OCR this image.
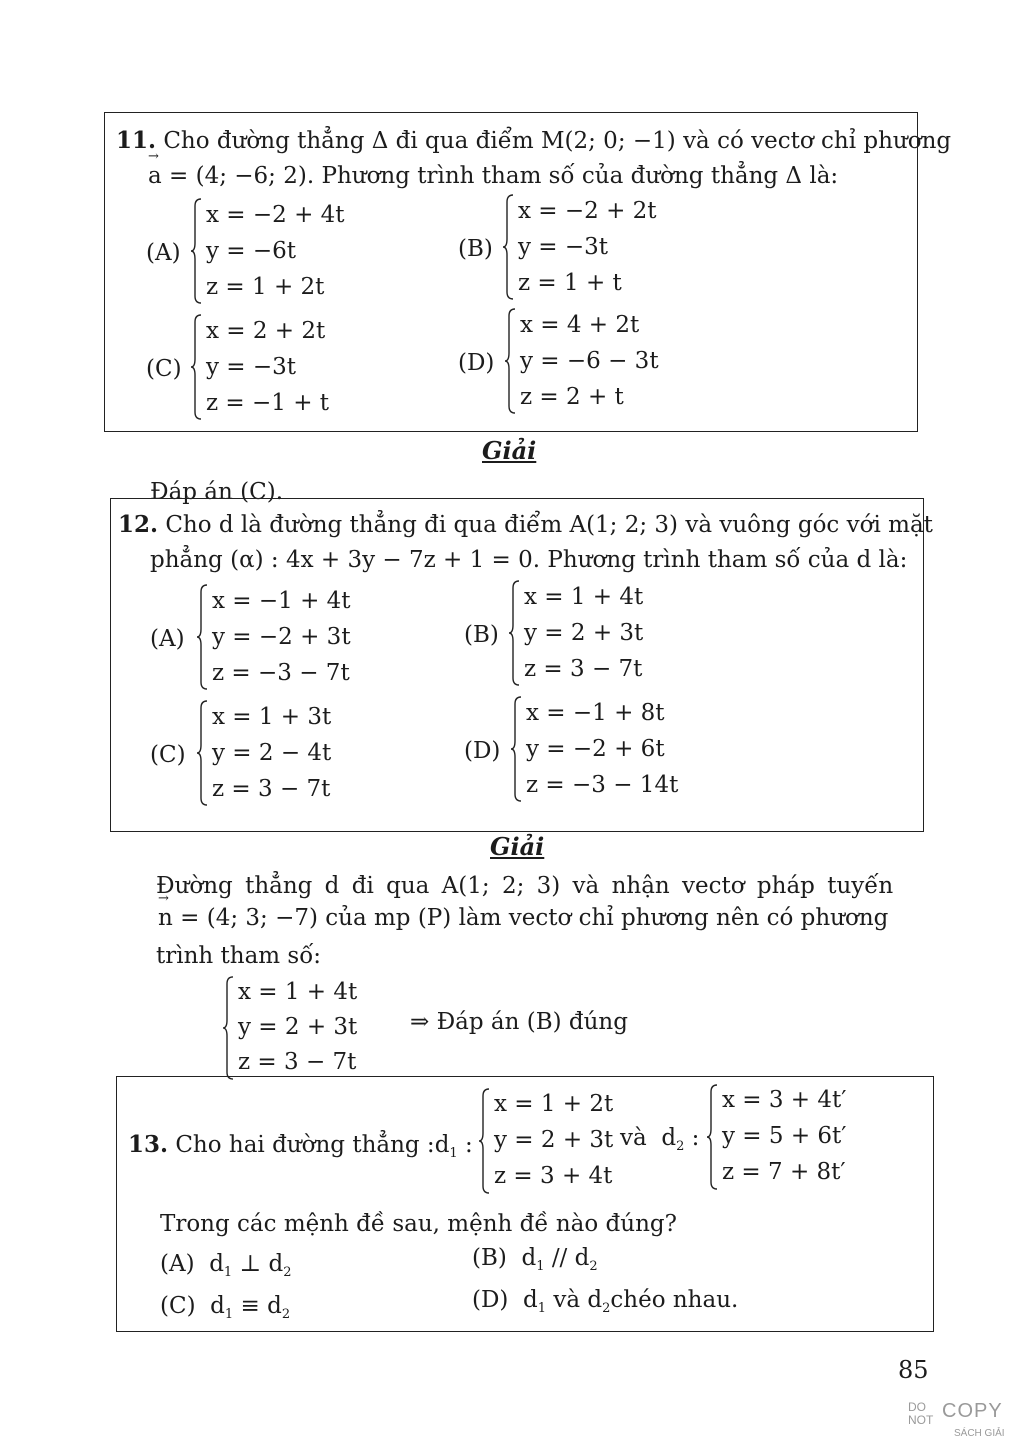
11. Cho đường thẳng Δ đi qua điểm M(2; 0; −1) và có vectơ chỉ phương
→ a = (4; −6; 2). Phương trình tham số của đường thẳng Δ là:
(A)
x = −2 + 4t
y = −6t
z = 1 + 2t
(B)
x = −2 + 2t
y = −3t
z = 1 + t
(C)
x = 2 + 2t
y = −3t
z = −1 + t
(D)
x = 4 + 2t
y = −6 − 3t
z = 2 + t
Giải
Đáp án (C).
12. Cho d là đường thẳng đi qua điểm A(1; 2; 3) và vuông góc với mặt
phẳng (α) : 4x + 3y − 7z + 1 = 0. Phương trình tham số của d là:
(A)
x = −1 + 4t
y = −2 + 3t
z = −3 − 7t
(B)
x = 1 + 4t
y = 2 + 3t
z = 3 − 7t
(C)
x = 1 + 3t
y = 2 − 4t
z = 3 − 7t
(D)
x = −1 + 8t
y = −2 + 6t
z = −3 − 14t
Giải
Đường thẳng d đi qua A(1; 2; 3) và nhận vectơ pháp tuyến
→ n = (4; 3; −7) của mp (P) làm vectơ chỉ phương nên có phương
trình tham số:
x = 1 + 4t
y = 2 + 3t
z = 3 − 7t
⇒ Đáp án (B) đúng
13. Cho hai đường thẳng $:d_1$ :
x = 1 + 2t
y = 2 + 3t
z = 3 + 4t
và $d_2$ :
x = 3 + 4t′
y = 5 + 6t′
z = 7 + 8t′
Trong các mệnh đề sau, mệnh đề nào đúng?
(A) $d_1$ ⊥ $d_2$
(B) $d_1 // d_2$
(C) $d_1 \equiv d_2$
(D) $d_1$ và $d_2chéo$ nhau.
85
DO
NOT COPY
SÁCH GIẢI
